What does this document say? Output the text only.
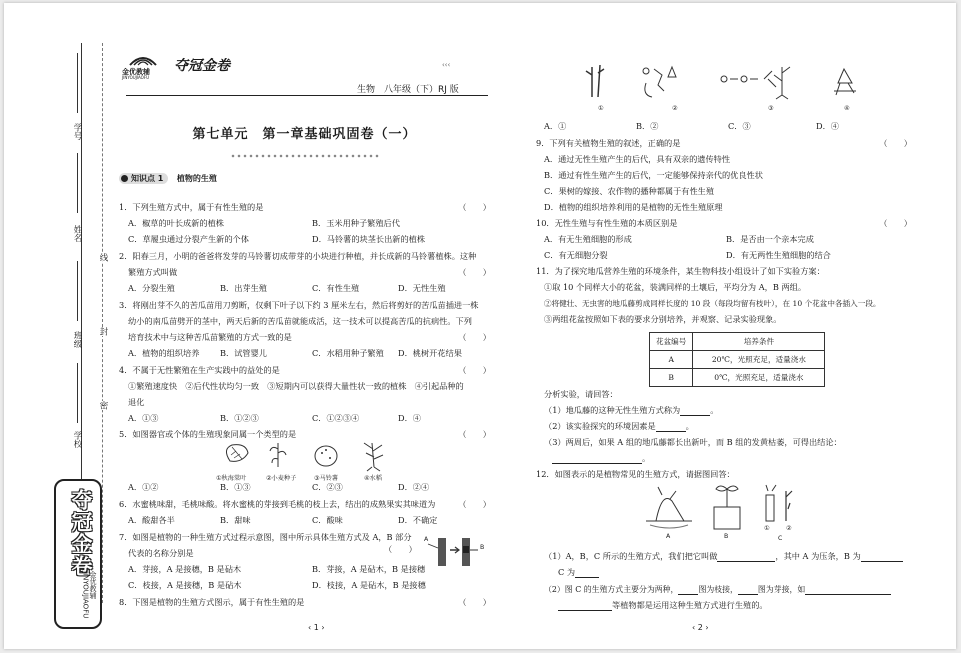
学号
姓名
班级
学校
线
封
密
夺冠金卷
金优教辅 JINYOUJIAOFU
金优教辅
JINYOUJIAOFU
夺冠金卷	‹‹‹
生物　八年级（下）RJ 版
第七单元　第一章基础巩固卷（一）
知识点 1 植物的生殖
1．下列生殖方式中，属于有性生殖的是	（　　）
A．椒草的叶长成新的植株	B．玉米用种子繁殖后代
C．草履虫通过分裂产生新的个体	D．马铃薯的块茎长出新的植株
2．阳春三月，小明的爸爸将发芽的马铃薯切成带芽的小块进行种植，并长成新的马铃薯植株。这种
繁殖方式叫做	（　　）
A．分裂生殖	B．出芽生殖	C．有性生殖	D．无性生殖
3．将刚出芽不久的苦瓜苗用刀剪断，仅剩下叶子以下约 3 厘米左右，然后将剪好的苦瓜苗插进一株
幼小的南瓜苗劈开的茎中，两天后新的苦瓜苗就能成活，这一技术可以提高苦瓜的抗病性。下列
培育技术中与这种苦瓜苗繁殖的方式一致的是	（　　）
A．植物的组织培养	B．试管婴儿	C．水稻用种子繁殖 D．桃树开花结果
4．不属于无性繁殖在生产实践中的益处的是	（　　）
①繁殖速度快　②后代性状均匀一致　③短期内可以获得大量性状一致的植株　④引起品种的
退化
A．①③	B．①②③	C．①②③④	D．④
5．如图器官或个体的生殖现象同属一个类型的是	（　　）
①秋海棠叶	②小麦种子	③马铃薯	④水稻
A．①②	B．①③	C．②③	D．②④
6．水蜜桃味甜，毛桃味酸。将水蜜桃的芽接到毛桃的枝上去，结出的成熟果实其味道为	（　　）
A．酸甜各半	B．甜味	C．酸味	D．不确定
7．如图是植物的一种生殖方式过程示意图，图中所示具体生殖方式及 A，B 部分
代表的名称分别是	（　　）
A
B
A．芽接，A 是接穗，B 是砧木	B．芽接，A 是砧木，B 是接穗
C．枝接，A 是接穗，B 是砧木	D．枝接，A 是砧木，B 是接穗
8．下图是植物的生殖方式图示，属于有性生殖的是	（　　）
‹ 1 ›
①	②	③	④
A．①	B．②	C．③	D．④
9．下列有关植物生殖的叙述，正确的是	（　　）
A．通过无性生殖产生的后代，具有双亲的遗传特性
B．通过有性生殖产生的后代，一定能够保持亲代的优良性状
C．果树的嫁接、农作物的播种都属于有性生殖
D．植物的组织培养利用的是植物的无性生殖原理
10．无性生殖与有性生殖的本质区别是	（　　）
A．有无生殖细胞的形成	B．是否由一个亲本完成
C．有无细胞分裂	D．有无两性生殖细胞的结合
11．为了探究地瓜营养生殖的环境条件，某生物科技小组设计了如下实验方案：
①取 10 个同样大小的花盆，装满同样的土壤后，平均分为 A，B 两组。
②将健壮、无虫害的地瓜藤剪成同样长度的 10 段（每段均留有枝叶），在 10 个花盆中各插入一段。
③两组花盆按照如下表的要求分别培养，并观察、记录实验现象。
花盆编号	培养条件
A	20℃，光照充足，适量浇水
B	0℃，光照充足，适量浇水
分析实验，请回答：
（1）地瓜藤的这种无性生殖方式称为	。
（2）该实验探究的环境因素是	。
（3）两周后，如果 A 组的地瓜藤都长出新叶，而 B 组的发黄枯萎，可得出结论：
。
12．如图表示的是植物常见的生殖方式，请据图回答：
A	B
①	②
C
（1）A，B，C 所示的生殖方式，我们把它叫做	，其中 A 为压条，B 为
C 为
（2）图 C 的生殖方式主要分为两种，	图为枝接，	图为芽接，如
等植物都是运用这种生殖方式进行生殖的。
‹ 2 ›
